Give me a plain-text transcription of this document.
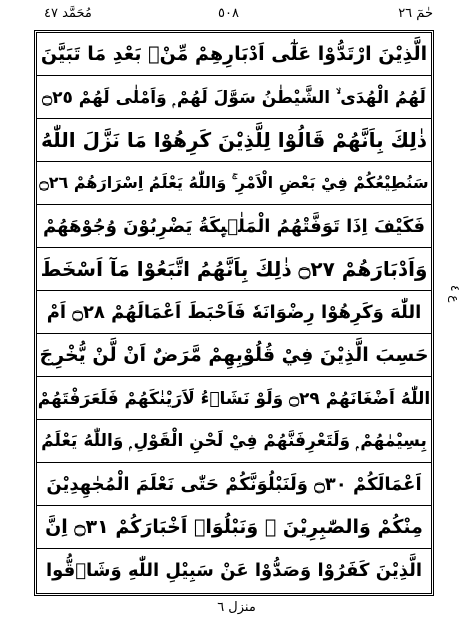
مُحَمَّد ٤٧	٥٠٨	حٰمٓ ٢٦
الَّذِيْنَ ارْتَدُّوْا عَلٰٓى اَدْبَارِهِمْ مِّنْۢ بَعْدِ مَا تَبَيَّنَ
لَهُمُ الْهُدَى ۙ الشَّيْطٰنُ سَوَّلَ لَهُمْ ۭ وَاَمْلٰى لَهُمْ ۝٢٥
ذٰلِكَ بِاَنَّهُمْ قَالُوْا لِلَّذِيْنَ كَرِهُوْا مَا نَزَّلَ اللّٰهُ
سَنُطِيْعُكُمْ فِيْ بَعْضِ الْاَمْرِ ۚ وَاللّٰهُ يَعْلَمُ اِسْرَارَهُمْ ۝٢٦
فَكَيْفَ اِذَا تَوَفَّتْهُمُ الْمَلٰۗىِٕكَةُ يَضْرِبُوْنَ وُجُوْهَهُمْ
وَاَدْبَارَهُمْ ۝٢٧ ذٰلِكَ بِاَنَّهُمُ اتَّبَعُوْا مَآ اَسْخَطَ
اللّٰهَ وَكَرِهُوْا رِضْوَانَهٗ فَاَحْبَطَ اَعْمَالَهُمْ ۝٢٨ اَمْ
حَسِبَ الَّذِيْنَ فِيْ قُلُوْبِهِمْ مَّرَضٌ اَنْ لَّنْ يُّخْرِجَ
اللّٰهُ اَضْغَانَهُمْ ۝٢٩ وَلَوْ نَشَاۗءُ لَاَرَيْنٰكَهُمْ فَلَعَرَفْتَهُمْ
بِسِيْمٰهُمْ ۭ وَلَتَعْرِفَنَّهُمْ فِيْ لَحْنِ الْقَوْلِ ۭ وَاللّٰهُ يَعْلَمُ
اَعْمَالَكُمْ ۝٣٠ وَلَنَبْلُوَنَّكُمْ حَتّٰى نَعْلَمَ الْمُجٰهِدِيْنَ
مِنْكُمْ وَالصّٰبِرِيْنَ ۙ وَنَبْلُوَا۟ اَخْبَارَكُمْ ۝٣١ اِنَّ
الَّذِيْنَ كَفَرُوْا وَصَدُّوْا عَنْ سَبِيْلِ اللّٰهِ وَشَاۗقُّوا
ع ٤
منزل ٦
